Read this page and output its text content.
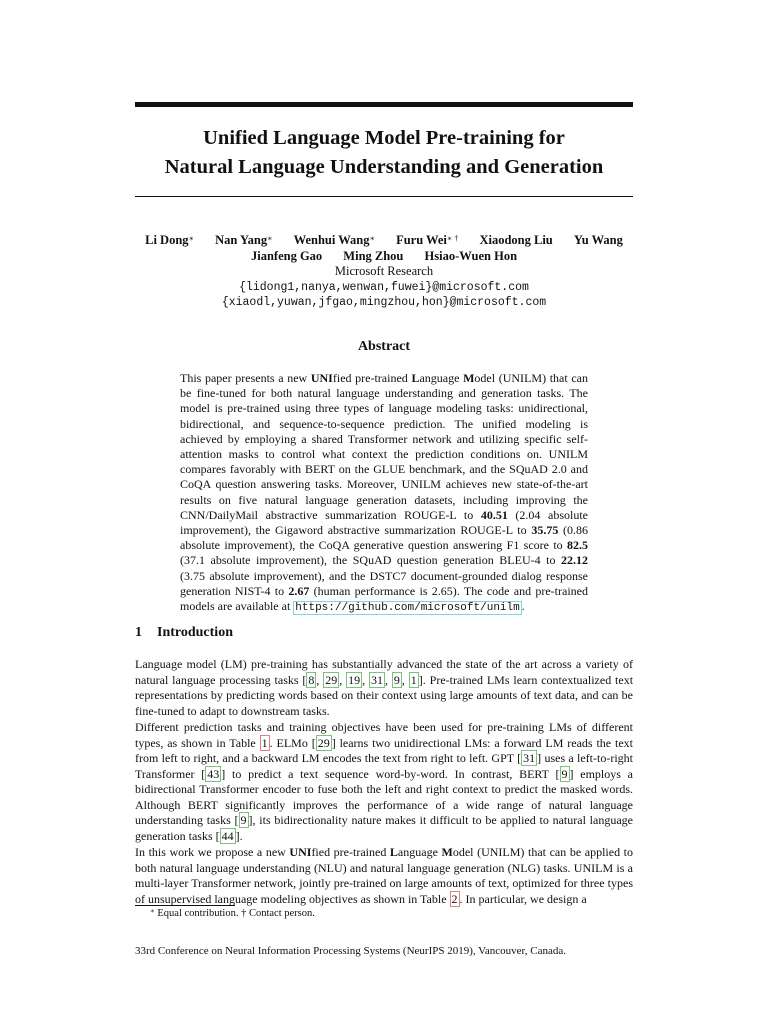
Unified Language Model Pre-training for
Natural Language Understanding and Generation
Li Dong∗ Nan Yang∗ Wenhui Wang∗ Furu Wei∗ † Xiaodong Liu Yu Wang
Jianfeng Gao Ming Zhou Hsiao-Wuen Hon
Microsoft Research
{lidong1,nanya,wenwan,fuwei}@microsoft.com
{xiaodl,yuwan,jfgao,mingzhou,hon}@microsoft.com
Abstract
This paper presents a new UNIfied pre-trained Language Model (UNILM) that can be fine-tuned for both natural language understanding and generation tasks. The model is pre-trained using three types of language modeling tasks: unidirectional, bidirectional, and sequence-to-sequence prediction. The unified modeling is achieved by employing a shared Transformer network and utilizing specific self-attention masks to control what context the prediction conditions on. UNILM compares favorably with BERT on the GLUE benchmark, and the SQuAD 2.0 and CoQA question answering tasks. Moreover, UNILM achieves new state-of-the-art results on five natural language generation datasets, including improving the CNN/DailyMail abstractive summarization ROUGE-L to 40.51 (2.04 absolute improvement), the Gigaword abstractive summarization ROUGE-L to 35.75 (0.86 absolute improvement), the CoQA generative question answering F1 score to 82.5 (37.1 absolute improvement), the SQuAD question generation BLEU-4 to 22.12 (3.75 absolute improvement), and the DSTC7 document-grounded dialog response generation NIST-4 to 2.67 (human performance is 2.65). The code and pre-trained models are available at https://github.com/microsoft/unilm .
1 Introduction
Language model (LM) pre-training has substantially advanced the state of the art across a variety of natural language processing tasks [ 8 , 29 , 19 , 31 , 9 , 1 ]. Pre-trained LMs learn contextualized text representations by predicting words based on their context using large amounts of text data, and can be fine-tuned to adapt to downstream tasks.
Different prediction tasks and training objectives have been used for pre-training LMs of different types, as shown in Table 1 . ELMo [ 29 ] learns two unidirectional LMs: a forward LM reads the text from left to right, and a backward LM encodes the text from right to left. GPT [ 31 ] uses a left-to-right Transformer [ 43 ] to predict a text sequence word-by-word. In contrast, BERT [ 9 ] employs a bidirectional Transformer encoder to fuse both the left and right context to predict the masked words. Although BERT significantly improves the performance of a wide range of natural language understanding tasks [ 9 ], its bidirectionality nature makes it difficult to be applied to natural language generation tasks [ 44 ].
In this work we propose a new UNIfied pre-trained Language Model (UNILM) that can be applied to both natural language understanding (NLU) and natural language generation (NLG) tasks. UNILM is a multi-layer Transformer network, jointly pre-trained on large amounts of text, optimized for three types of unsupervised language modeling objectives as shown in Table 2 . In particular, we design a
∗ Equal contribution. † Contact person.
33rd Conference on Neural Information Processing Systems (NeurIPS 2019), Vancouver, Canada.
